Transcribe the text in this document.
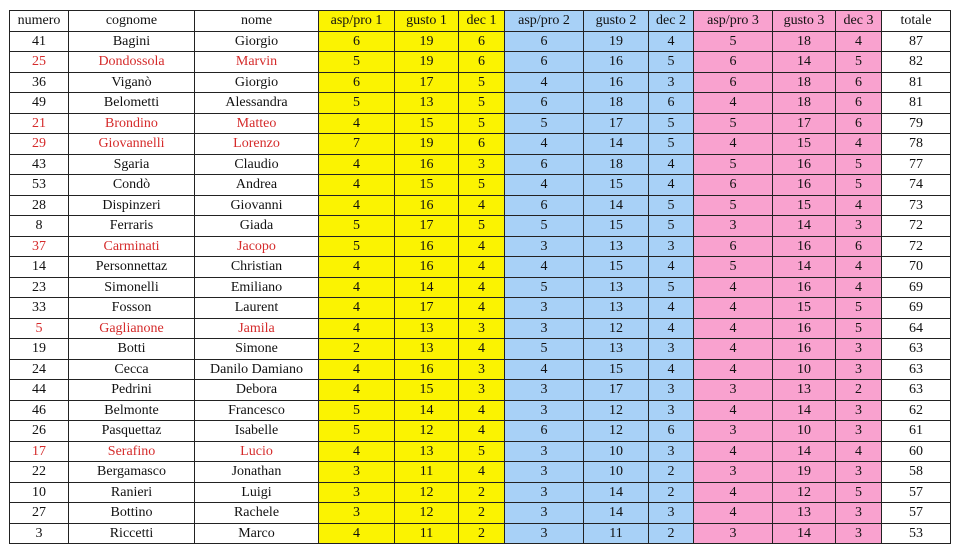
numero	cognome	nome	asp/pro 1	gusto 1	dec 1	asp/pro 2	gusto 2	dec 2	asp/pro 3	gusto 3	dec 3	totale
41	Bagini	Giorgio	6	19	6	6	19	4	5	18	4	87
25	Dondossola	Marvin	5	19	6	6	16	5	6	14	5	82
36	Viganò	Giorgio	6	17	5	4	16	3	6	18	6	81
49	Belometti	Alessandra	5	13	5	6	18	6	4	18	6	81
21	Brondino	Matteo	4	15	5	5	17	5	5	17	6	79
29	Giovannelli	Lorenzo	7	19	6	4	14	5	4	15	4	78
43	Sgaria	Claudio	4	16	3	6	18	4	5	16	5	77
53	Condò	Andrea	4	15	5	4	15	4	6	16	5	74
28	Dispinzeri	Giovanni	4	16	4	6	14	5	5	15	4	73
8	Ferraris	Giada	5	17	5	5	15	5	3	14	3	72
37	Carminati	Jacopo	5	16	4	3	13	3	6	16	6	72
14	Personnettaz	Christian	4	16	4	4	15	4	5	14	4	70
23	Simonelli	Emiliano	4	14	4	5	13	5	4	16	4	69
33	Fosson	Laurent	4	17	4	3	13	4	4	15	5	69
5	Gaglianone	Jamila	4	13	3	3	12	4	4	16	5	64
19	Botti	Simone	2	13	4	5	13	3	4	16	3	63
24	Cecca	Danilo Damiano	4	16	3	4	15	4	4	10	3	63
44	Pedrini	Debora	4	15	3	3	17	3	3	13	2	63
46	Belmonte	Francesco	5	14	4	3	12	3	4	14	3	62
26	Pasquettaz	Isabelle	5	12	4	6	12	6	3	10	3	61
17	Serafino	Lucio	4	13	5	3	10	3	4	14	4	60
22	Bergamasco	Jonathan	3	11	4	3	10	2	3	19	3	58
10	Ranieri	Luigi	3	12	2	3	14	2	4	12	5	57
27	Bottino	Rachele	3	12	2	3	14	3	4	13	3	57
3	Riccetti	Marco	4	11	2	3	11	2	3	14	3	53
